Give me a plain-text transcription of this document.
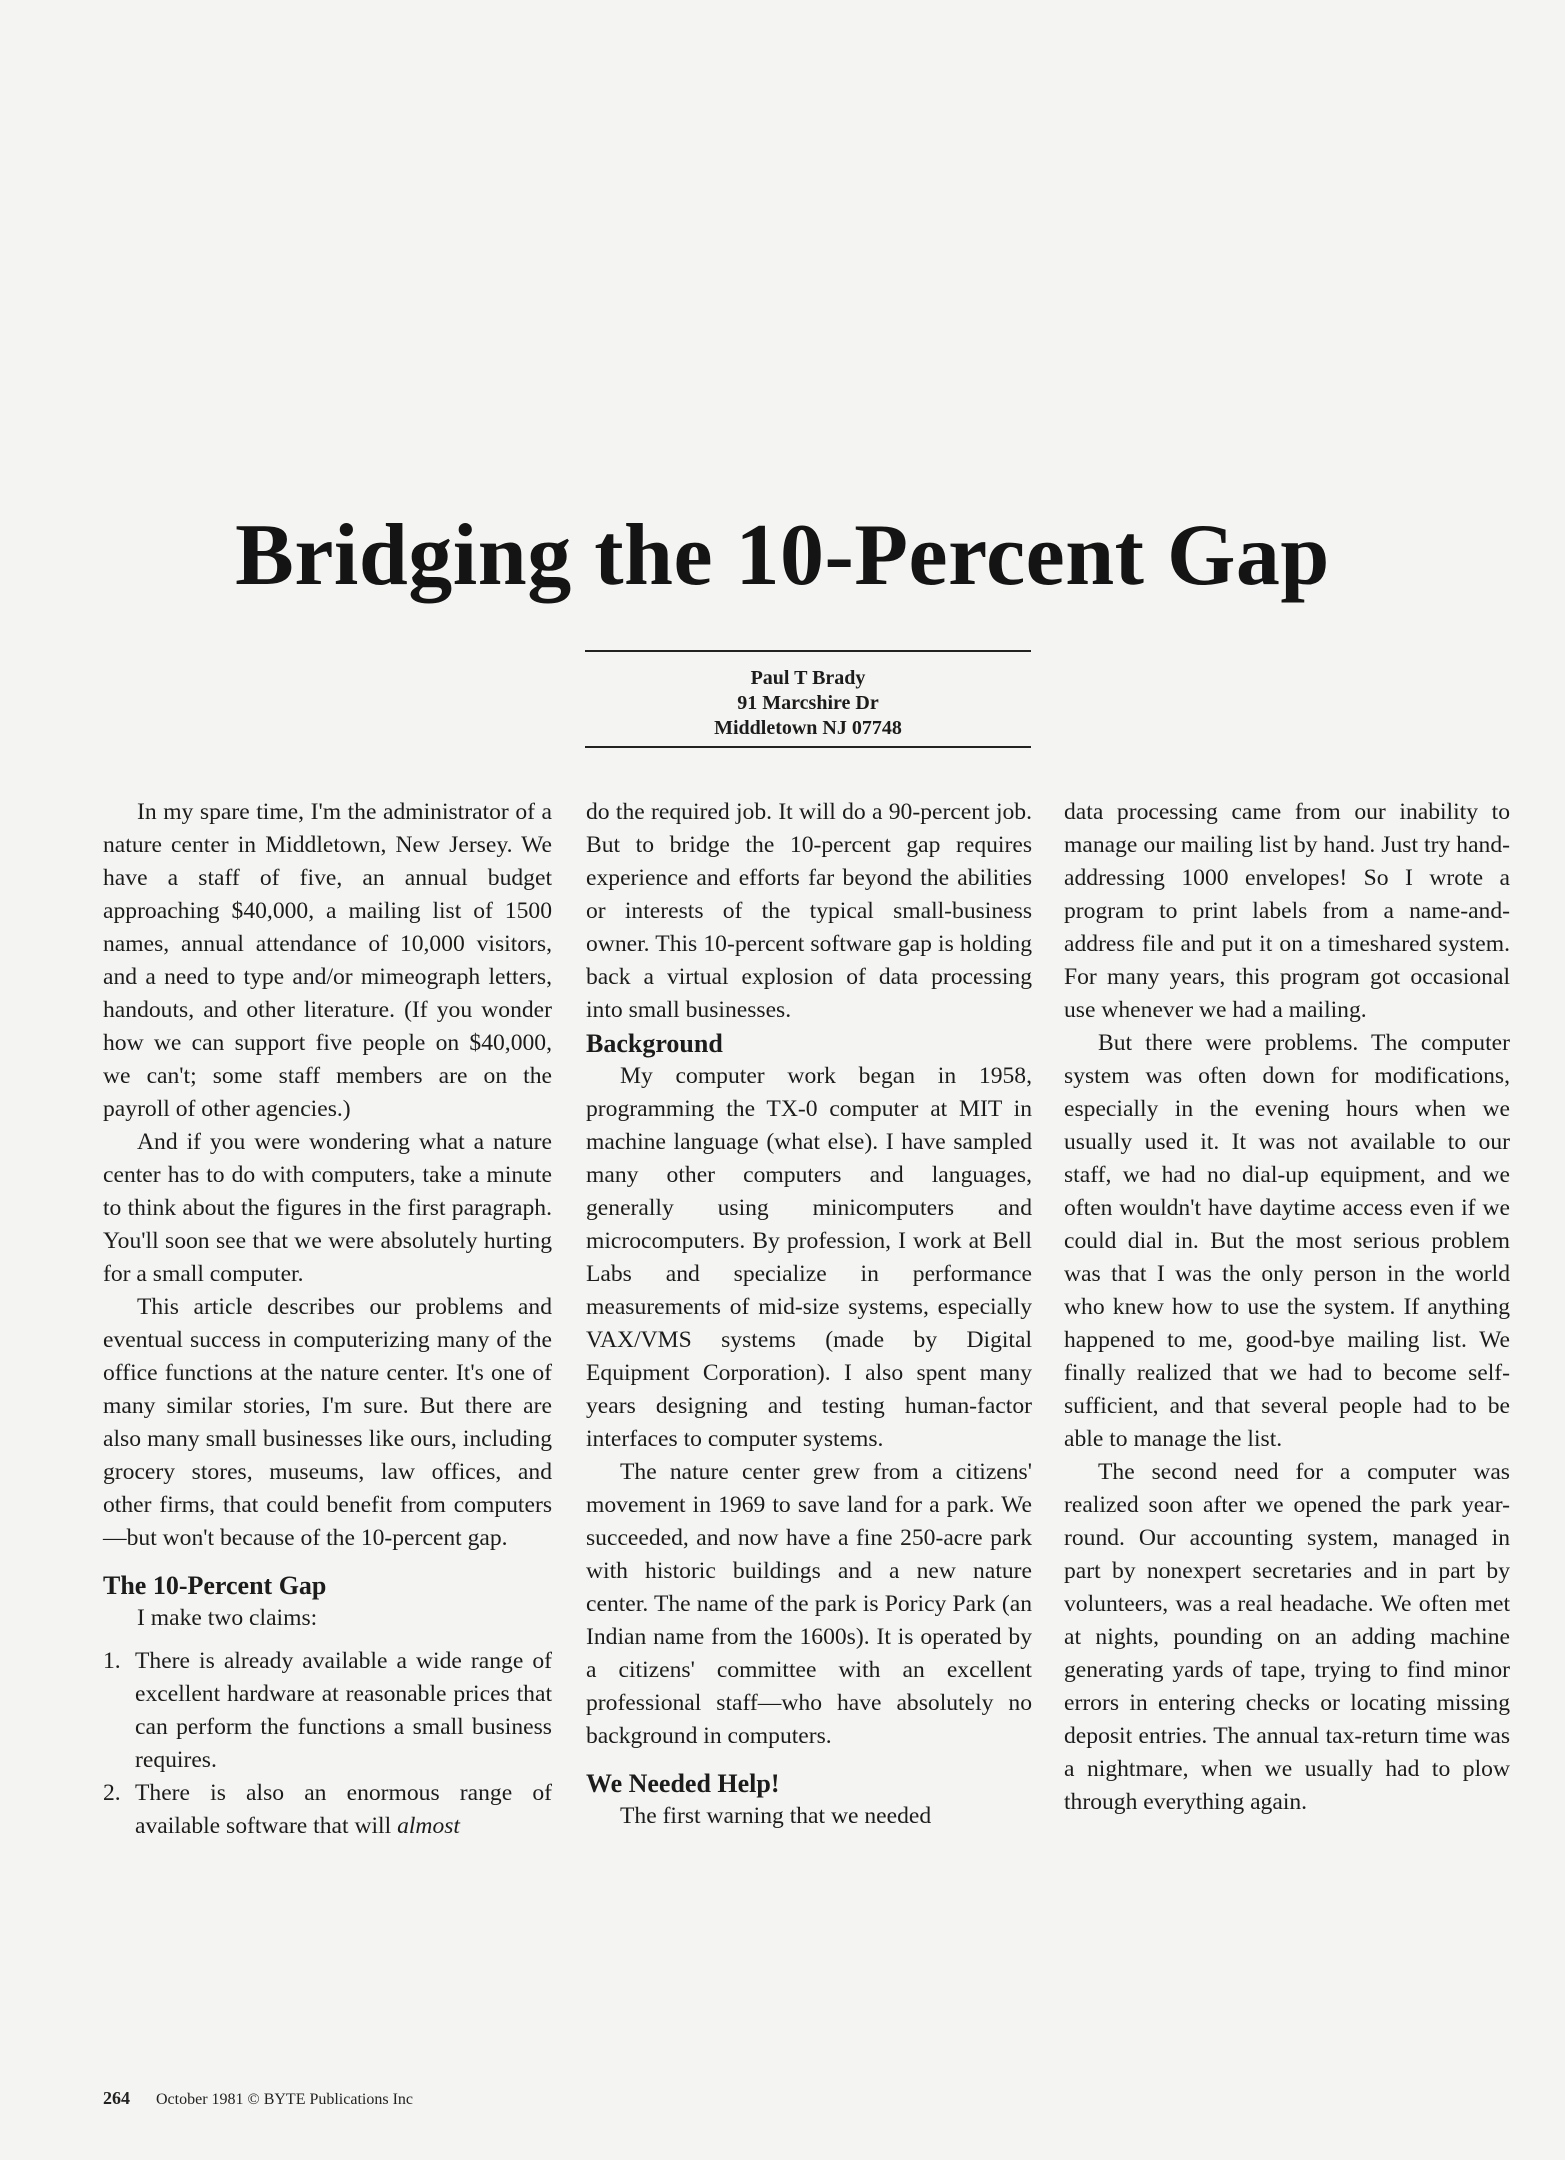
Bridging the 10-Percent Gap
Paul T Brady
91 Marcshire Dr
Middletown NJ 07748

In my spare time, I'm the administrator of a nature center in Middletown, New Jersey. We have a staff of five, an annual budget approaching $40,000, a mailing list of 1500 names, annual attendance of 10,000 visitors, and a need to type and/or mimeograph letters, handouts, and other literature. (If you wonder how we can support five people on $40,000, we can't; some staff members are on the payroll of other agencies.)

And if you were wondering what a nature center has to do with computers, take a minute to think about the figures in the first paragraph. You'll soon see that we were absolutely hurting for a small computer.

This article describes our problems and eventual success in computerizing many of the office functions at the nature center. It's one of many similar stories, I'm sure. But there are also many small businesses like ours, including grocery stores, museums, law offices, and other firms, that could benefit from computers—but won't because of the 10-percent gap.

The 10-Percent Gap

I make two claims:

1. There is already available a wide range of excellent hardware at reasonable prices that can perform the functions a small business requires.
2. There is also an enormous range of available software that will almost

do the required job. It will do a 90-percent job. But to bridge the 10-percent gap requires experience and efforts far beyond the abilities or interests of the typical small-business owner. This 10-percent software gap is holding back a virtual explosion of data processing into small businesses.

Background

My computer work began in 1958, programming the TX-0 computer at MIT in machine language (what else). I have sampled many other computers and languages, generally using minicomputers and microcomputers. By profession, I work at Bell Labs and specialize in performance measurements of mid-size systems, especially VAX/VMS systems (made by Digital Equipment Corporation). I also spent many years designing and testing human-factor interfaces to computer systems.

The nature center grew from a citizens' movement in 1969 to save land for a park. We succeeded, and now have a fine 250-acre park with historic buildings and a new nature center. The name of the park is Poricy Park (an Indian name from the 1600s). It is operated by a citizens' committee with an excellent professional staff—who have absolutely no background in computers.

We Needed Help!

The first warning that we needed

data processing came from our inability to manage our mailing list by hand. Just try hand-addressing 1000 envelopes! So I wrote a program to print labels from a name-and-address file and put it on a timeshared system. For many years, this program got occasional use whenever we had a mailing.

But there were problems. The computer system was often down for modifications, especially in the evening hours when we usually used it. It was not available to our staff, we had no dial-up equipment, and we often wouldn't have daytime access even if we could dial in. But the most serious problem was that I was the only person in the world who knew how to use the system. If anything happened to me, good-bye mailing list. We finally realized that we had to become self-sufficient, and that several people had to be able to manage the list.

The second need for a computer was realized soon after we opened the park year-round. Our accounting system, managed in part by nonexpert secretaries and in part by volunteers, was a real headache. We often met at nights, pounding on an adding machine generating yards of tape, trying to find minor errors in entering checks or locating missing deposit entries. The annual tax-return time was a nightmare, when we usually had to plow through everything again.

264 October 1981 © BYTE Publications Inc
